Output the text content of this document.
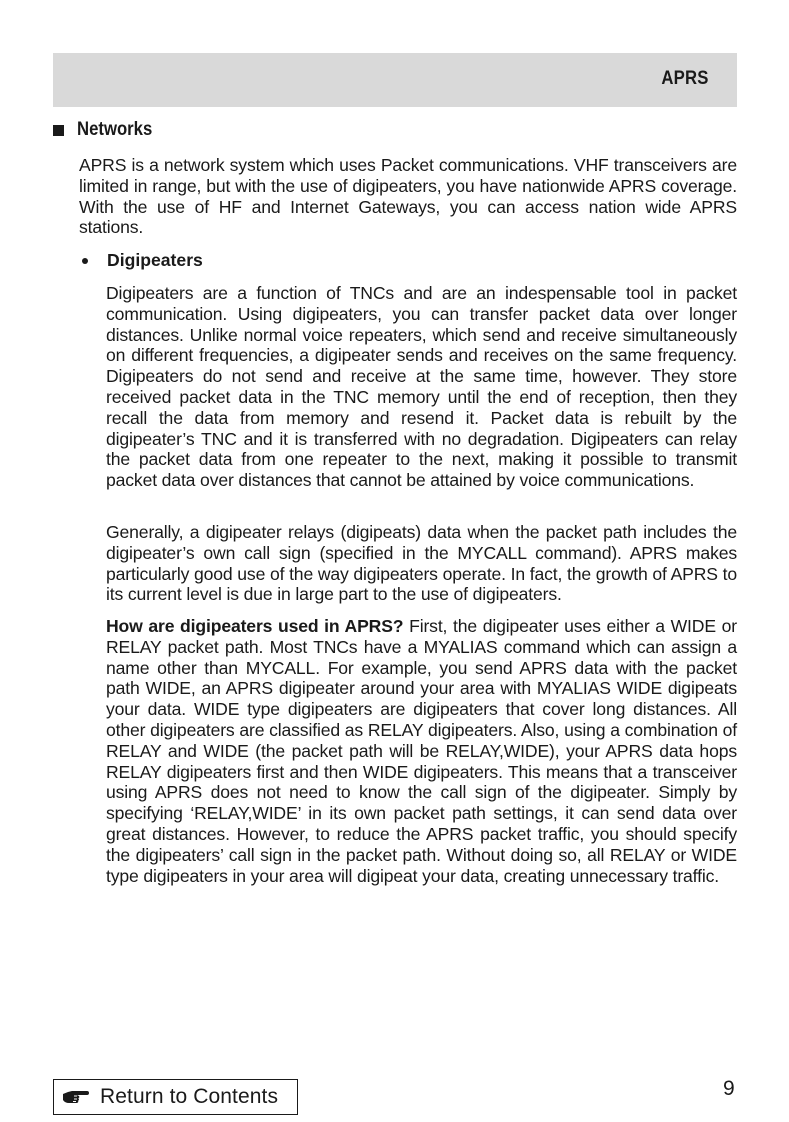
APRS
Networks

APRS is a network system which uses Packet communications. VHF transceivers are limited in range, but with the use of digipeaters, you have nationwide APRS coverage. With the use of HF and Internet Gateways, you can access nation wide APRS stations.

Digipeaters

Digipeaters are a function of TNCs and are an indespensable tool in packet communication. Using digipeaters, you can transfer packet data over longer distances. Unlike normal voice repeaters, which send and receive simultaneously on different frequencies, a digipeater sends and receives on the same frequency. Digipeaters do not send and receive at the same time, however. They store received packet data in the TNC memory until the end of reception, then they recall the data from memory and resend it. Packet data is rebuilt by the digipeater’s TNC and it is transferred with no degradation. Digipeaters can relay the packet data from one repeater to the next, making it possible to transmit packet data over distances that cannot be attained by voice communications.

Generally, a digipeater relays (digipeats) data when the packet path includes the digipeater’s own call sign (specified in the MYCALL command). APRS makes particularly good use of the way digipeaters operate. In fact, the growth of APRS to its current level is due in large part to the use of digipeaters.

How are digipeaters used in APRS? First, the digipeater uses either a WIDE or RELAY packet path. Most TNCs have a MYALIAS command which can assign a name other than MYCALL. For example, you send APRS data with the packet path WIDE, an APRS digipeater around your area with MYALIAS WIDE digipeats your data. WIDE type digipeaters are digipeaters that cover long distances. All other digipeaters are classified as RELAY digipeaters. Also, using a combination of RELAY and WIDE (the packet path will be RELAY,WIDE), your APRS data hops RELAY digipeaters first and then WIDE digipeaters. This means that a transceiver using APRS does not need to know the call sign of the digipeater. Simply by specifying ‘RELAY,WIDE’ in its own packet path settings, it can send data over great distances. However, to reduce the APRS packet traffic, you should specify the digipeaters’ call sign in the packet path. Without doing so, all RELAY or WIDE type digipeaters in your area will digipeat your data, creating unnecessary traffic.

Return to Contents	9
